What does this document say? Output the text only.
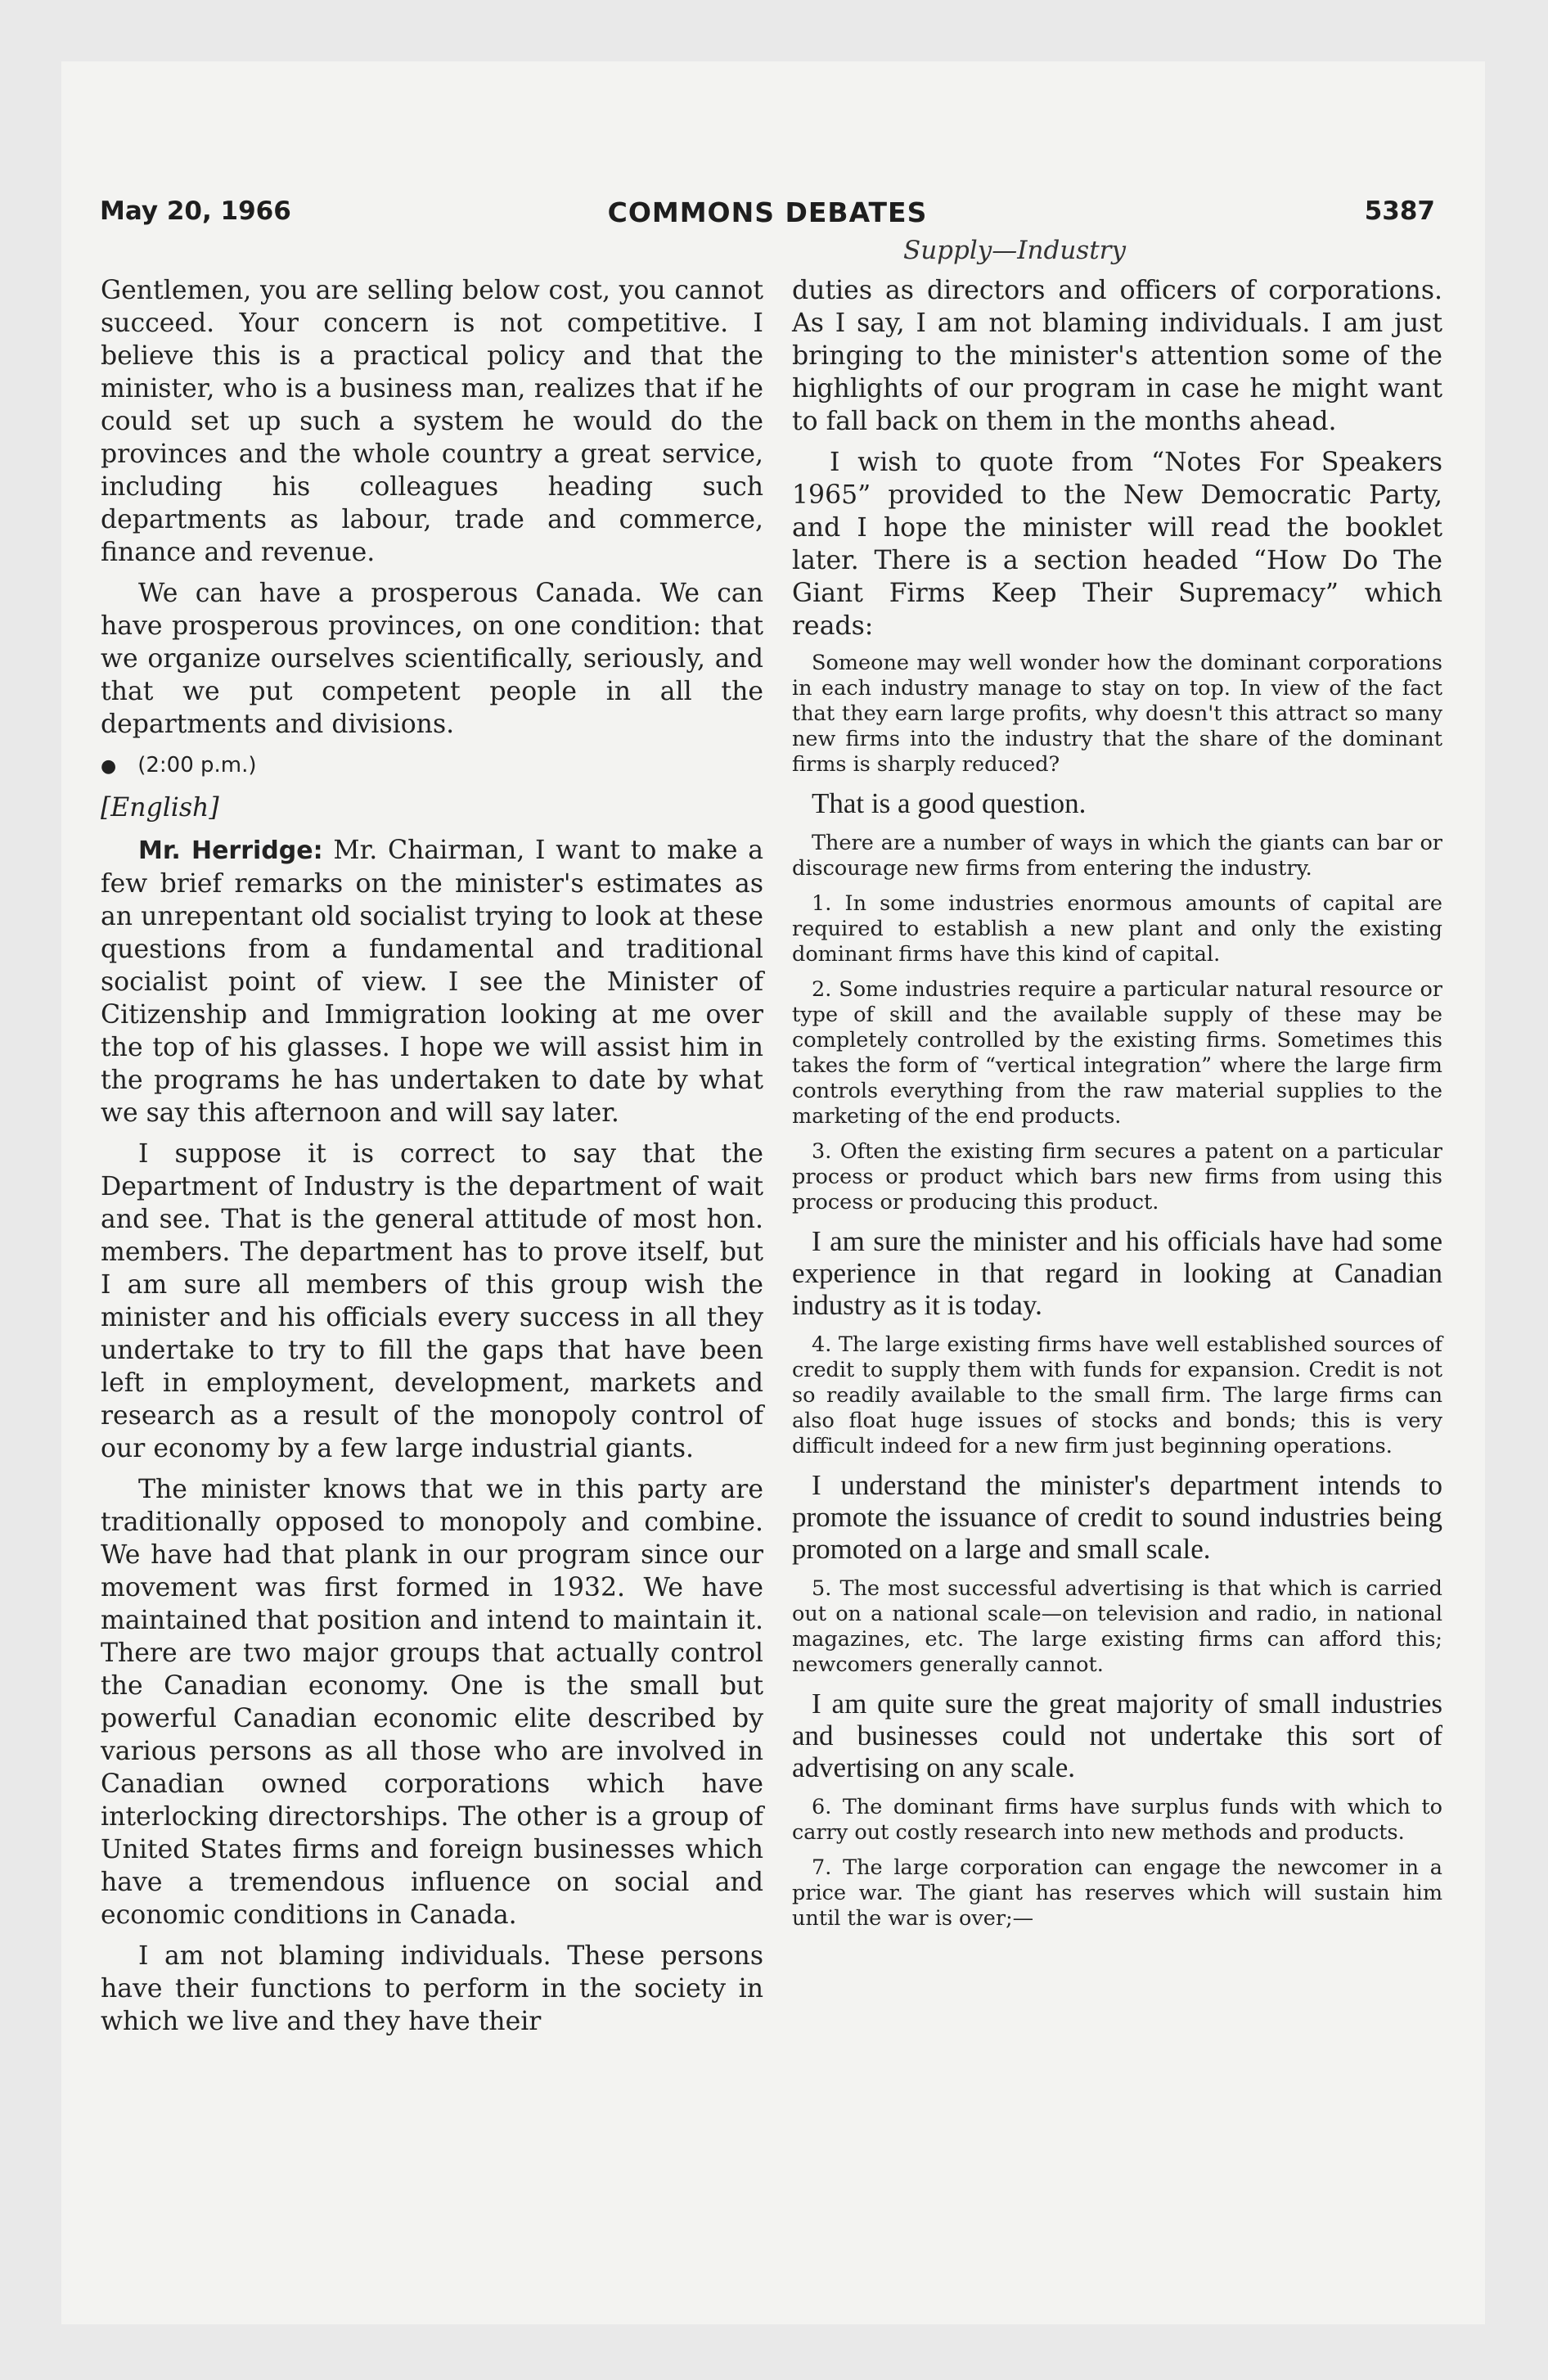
May 20, 1966	COMMONS DEBATES	5387
Supply—Industry

Gentlemen, you are selling below cost, you cannot succeed. Your concern is not competitive. I believe this is a practical policy and that the minister, who is a business man, realizes that if he could set up such a system he would do the provinces and the whole country a great service, including his colleagues heading such departments as labour, trade and commerce, finance and revenue.

We can have a prosperous Canada. We can have prosperous provinces, on one condition: that we organize ourselves scientifically, seriously, and that we put competent people in all the departments and divisions.

● (2:00 p.m.)
[English]

Mr. Herridge: Mr. Chairman, I want to make a few brief remarks on the minister's estimates as an unrepentant old socialist trying to look at these questions from a fundamental and traditional socialist point of view. I see the Minister of Citizenship and Immigration looking at me over the top of his glasses. I hope we will assist him in the programs he has undertaken to date by what we say this afternoon and will say later.

I suppose it is correct to say that the Department of Industry is the department of wait and see. That is the general attitude of most hon. members. The department has to prove itself, but I am sure all members of this group wish the minister and his officials every success in all they undertake to try to fill the gaps that have been left in employment, development, markets and research as a result of the monopoly control of our economy by a few large industrial giants.

The minister knows that we in this party are traditionally opposed to monopoly and combine. We have had that plank in our program since our movement was first formed in 1932. We have maintained that position and intend to maintain it. There are two major groups that actually control the Canadian economy. One is the small but powerful Canadian economic elite described by various persons as all those who are involved in Canadian owned corporations which have interlocking directorships. The other is a group of United States firms and foreign businesses which have a tremendous influence on social and economic conditions in Canada.

I am not blaming individuals. These persons have their functions to perform in the society in which we live and they have their

duties as directors and officers of corporations. As I say, I am not blaming individuals. I am just bringing to the minister's attention some of the highlights of our program in case he might want to fall back on them in the months ahead.

I wish to quote from “Notes For Speakers 1965” provided to the New Democratic Party, and I hope the minister will read the booklet later. There is a section headed “How Do The Giant Firms Keep Their Supremacy” which reads:

Someone may well wonder how the dominant corporations in each industry manage to stay on top. In view of the fact that they earn large profits, why doesn't this attract so many new firms into the industry that the share of the dominant firms is sharply reduced?
That is a good question.
There are a number of ways in which the giants can bar or discourage new firms from entering the industry.
1. In some industries enormous amounts of capital are required to establish a new plant and only the existing dominant firms have this kind of capital.
2. Some industries require a particular natural resource or type of skill and the available supply of these may be completely controlled by the existing firms. Sometimes this takes the form of “vertical integration” where the large firm controls everything from the raw material supplies to the marketing of the end products.
3. Often the existing firm secures a patent on a particular process or product which bars new firms from using this process or producing this product.
I am sure the minister and his officials have had some experience in that regard in looking at Canadian industry as it is today.
4. The large existing firms have well established sources of credit to supply them with funds for expansion. Credit is not so readily available to the small firm. The large firms can also float huge issues of stocks and bonds; this is very difficult indeed for a new firm just beginning operations.
I understand the minister's department intends to promote the issuance of credit to sound industries being promoted on a large and small scale.
5. The most successful advertising is that which is carried out on a national scale—on television and radio, in national magazines, etc. The large existing firms can afford this; newcomers generally cannot.
I am quite sure the great majority of small industries and businesses could not undertake this sort of advertising on any scale.
6. The dominant firms have surplus funds with which to carry out costly research into new methods and products.
7. The large corporation can engage the newcomer in a price war. The giant has reserves which will sustain him until the war is over;—
